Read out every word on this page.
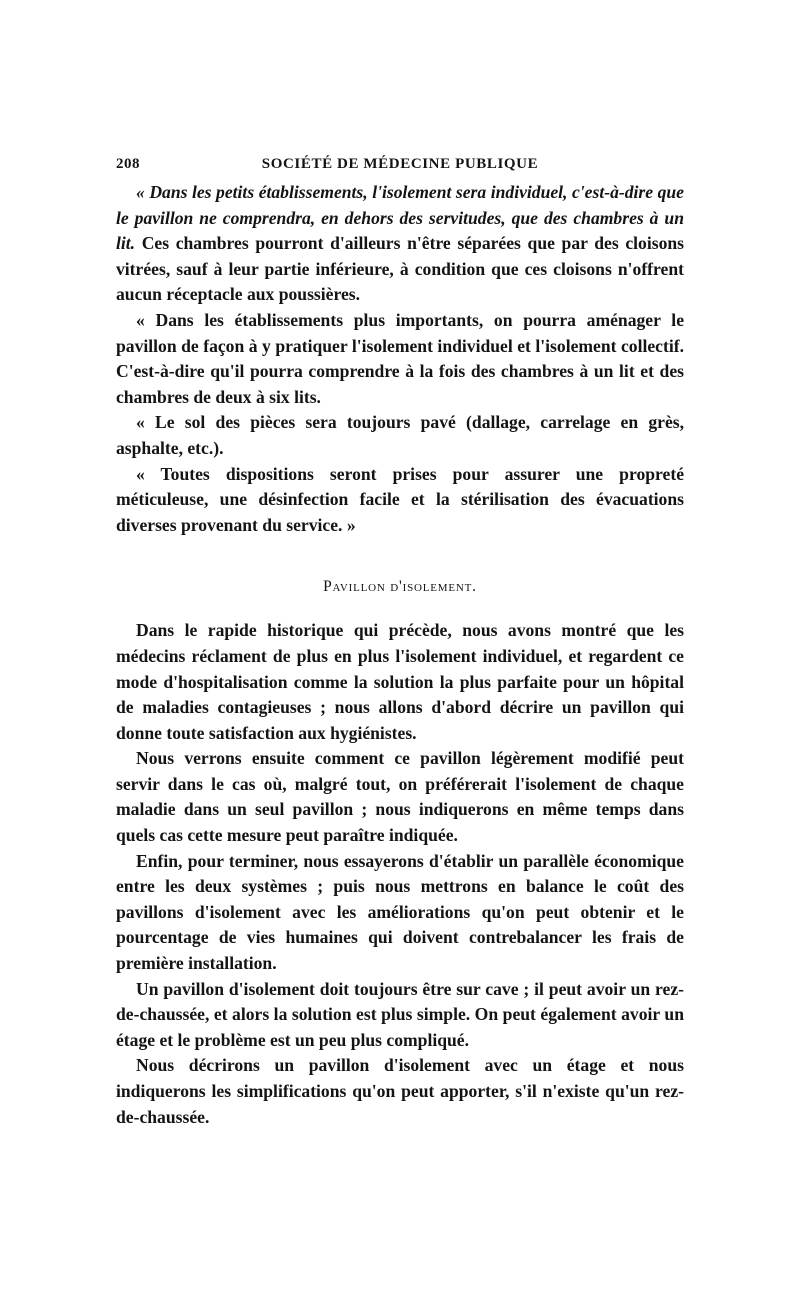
208	SOCIÉTÉ DE MÉDECINE PUBLIQUE

« Dans les petits établissements, l'isolement sera individuel, c'est-à-dire que le pavillon ne comprendra, en dehors des servitudes, que des chambres à un lit. Ces chambres pourront d'ailleurs n'être séparées que par des cloisons vitrées, sauf à leur partie inférieure, à condition que ces cloisons n'offrent aucun réceptacle aux poussières.

« Dans les établissements plus importants, on pourra aménager le pavillon de façon à y pratiquer l'isolement individuel et l'isolement collectif. C'est-à-dire qu'il pourra comprendre à la fois des chambres à un lit et des chambres de deux à six lits.

« Le sol des pièces sera toujours pavé (dallage, carrelage en grès, asphalte, etc.).

« Toutes dispositions seront prises pour assurer une propreté méticuleuse, une désinfection facile et la stérilisation des évacuations diverses provenant du service. »

Pavillon d'isolement.

Dans le rapide historique qui précède, nous avons montré que les médecins réclament de plus en plus l'isolement individuel, et regardent ce mode d'hospitalisation comme la solution la plus parfaite pour un hôpital de maladies contagieuses ; nous allons d'abord décrire un pavillon qui donne toute satisfaction aux hygiénistes.

Nous verrons ensuite comment ce pavillon légèrement modifié peut servir dans le cas où, malgré tout, on préférerait l'isolement de chaque maladie dans un seul pavillon ; nous indiquerons en même temps dans quels cas cette mesure peut paraître indiquée.

Enfin, pour terminer, nous essayerons d'établir un parallèle économique entre les deux systèmes ; puis nous mettrons en balance le coût des pavillons d'isolement avec les améliorations qu'on peut obtenir et le pourcentage de vies humaines qui doivent contrebalancer les frais de première installation.

Un pavillon d'isolement doit toujours être sur cave ; il peut avoir un rez-de-chaussée, et alors la solution est plus simple. On peut également avoir un étage et le problème est un peu plus compliqué.

Nous décrirons un pavillon d'isolement avec un étage et nous indiquerons les simplifications qu'on peut apporter, s'il n'existe qu'un rez-de-chaussée.
